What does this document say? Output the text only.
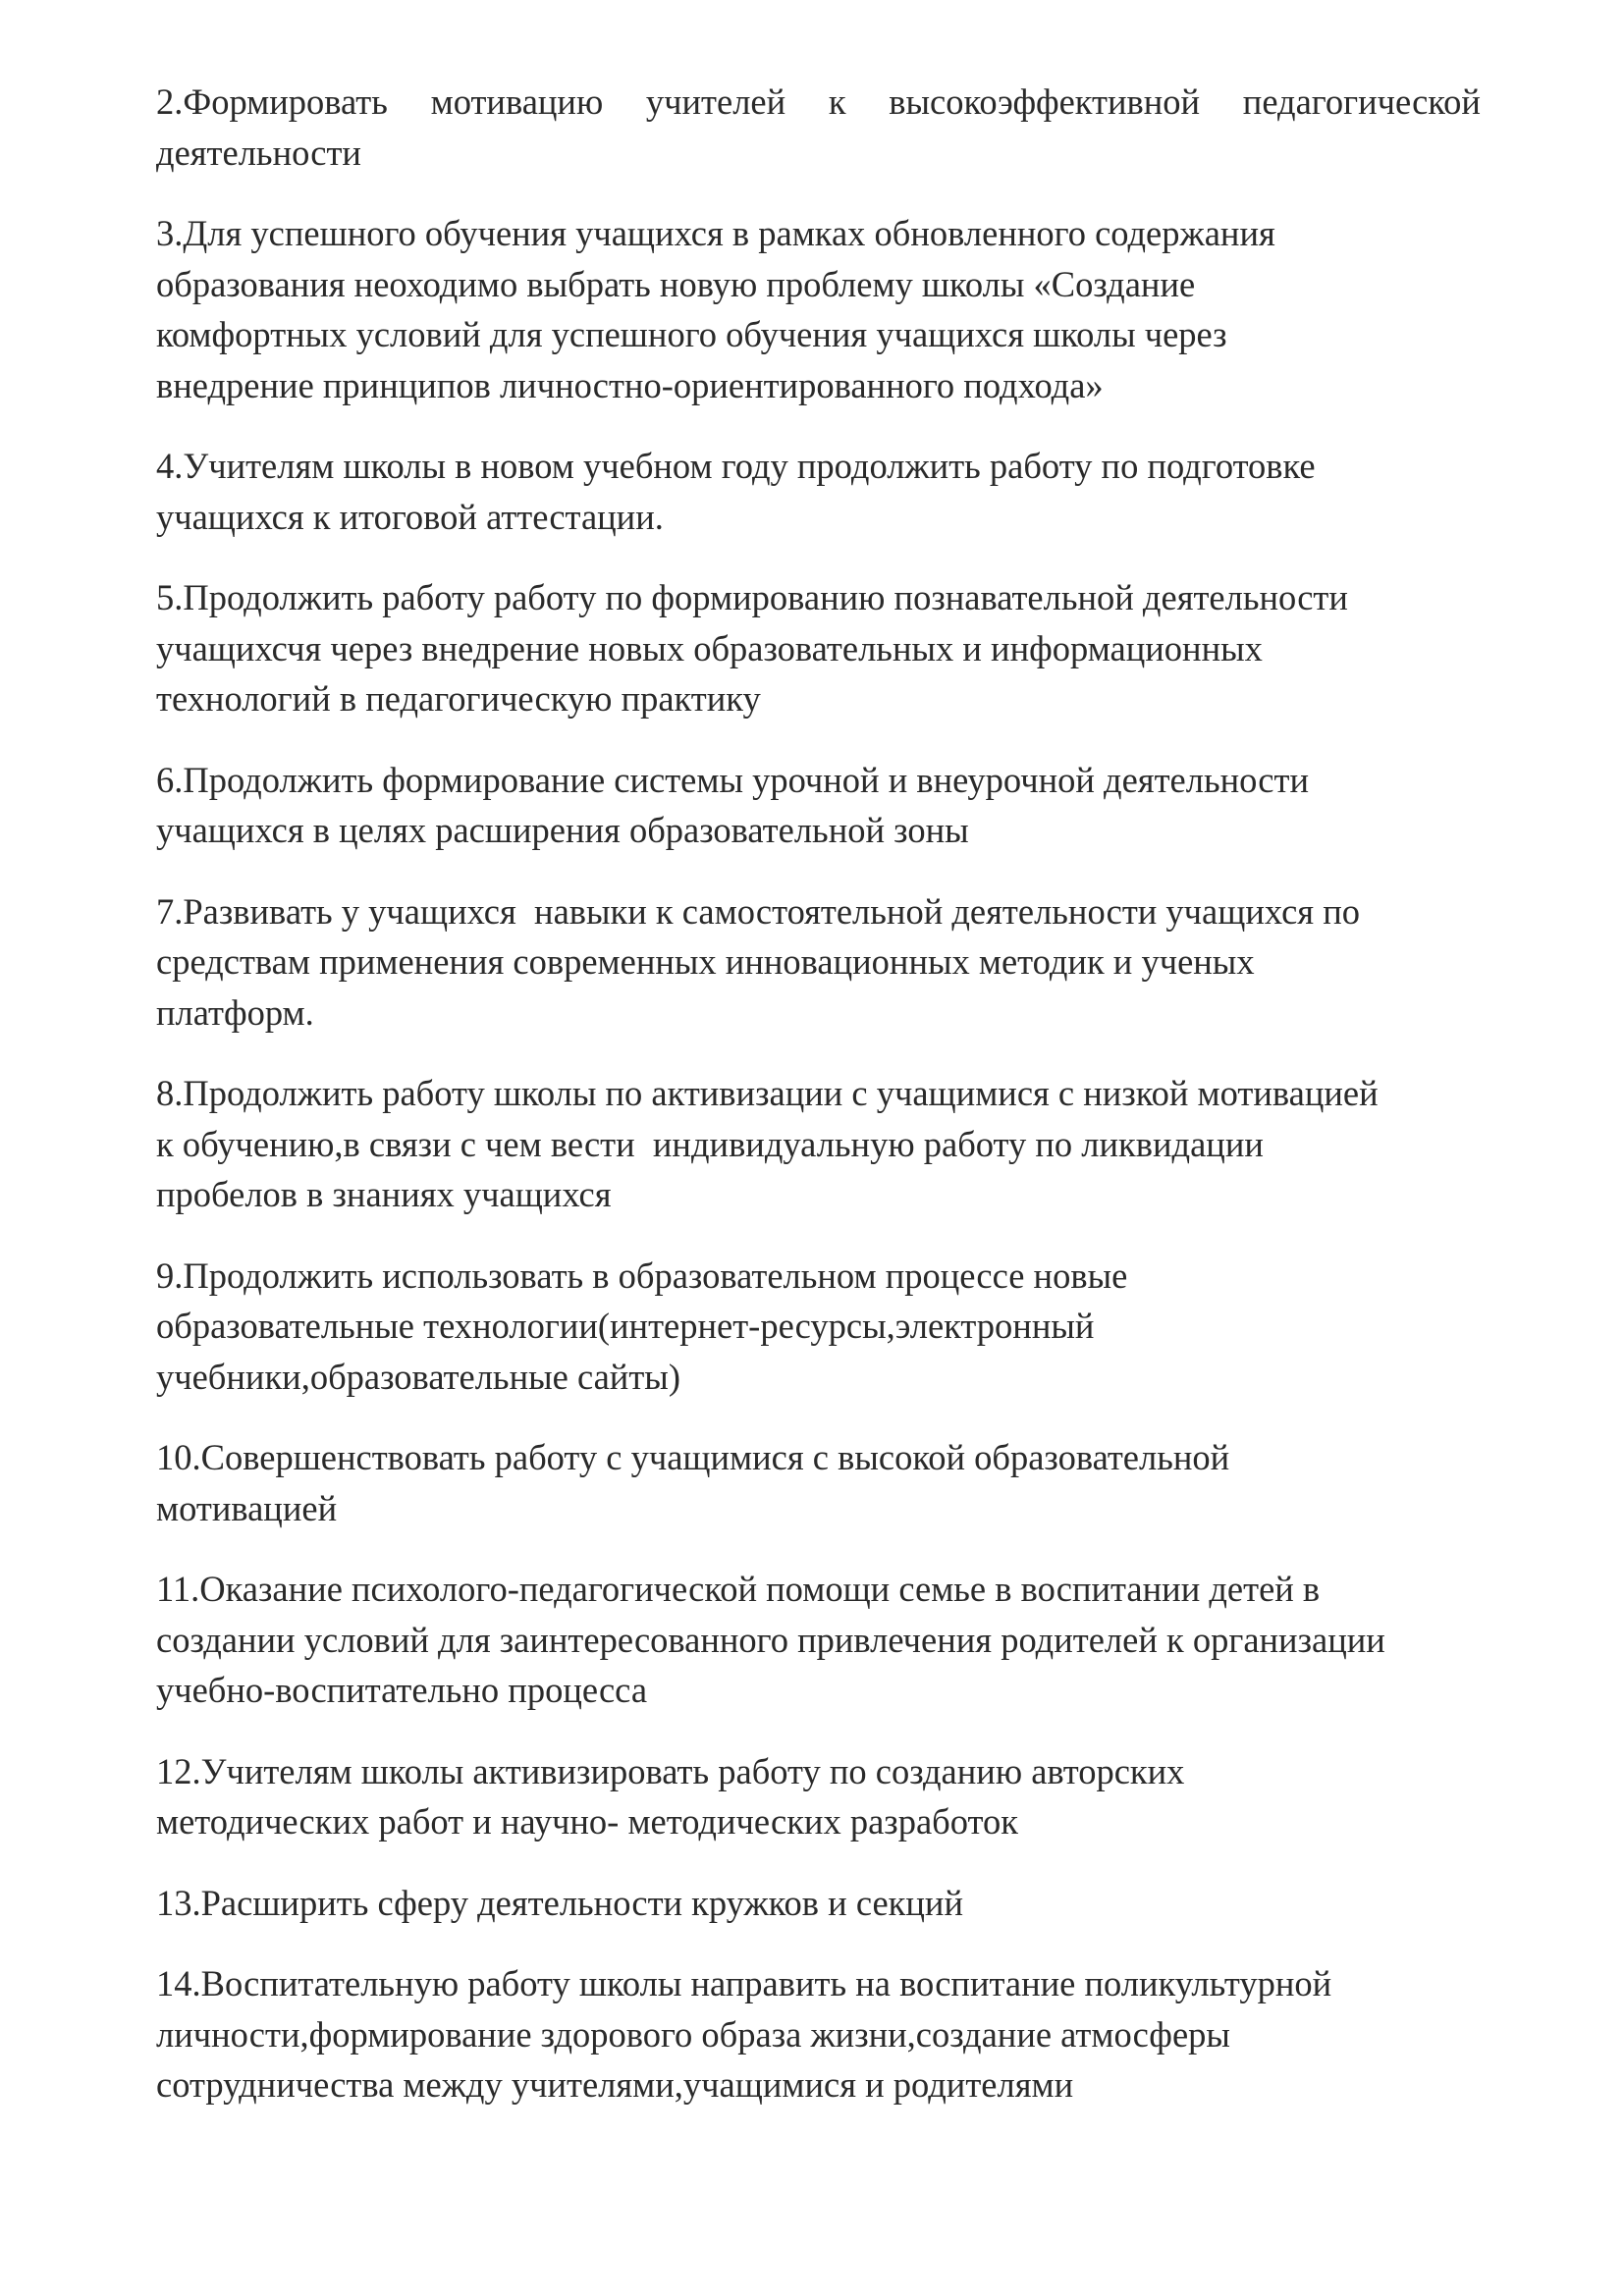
2.Формировать мотивацию учителей к высокоэффективной педагогической
деятельности
3.Для успешного обучения учащихся в рамках обновленного содержания
образования неоходимо выбрать новую проблему школы «Создание
комфортных условий для успешного обучения учащихся школы через
внедрение принципов личностно-ориентированного подхода»
4.Учителям школы в новом учебном году продолжить работу по подготовке
учащихся к итоговой аттестации.
5.Продолжить работу работу по формированию познавательной деятельности
учащихсчя через внедрение новых образовательных и информационных
технологий в педагогическую практику
6.Продолжить формирование системы урочной и внеурочной деятельности
учащихся в целях расширения образовательной зоны
7.Развивать у учащихся  навыки к самостоятельной деятельности учащихся по
средствам применения современных инновационных методик и ученых
платформ.
8.Продолжить работу школы по активизации с учащимися с низкой мотивацией
к обучению,в связи с чем вести  индивидуальную работу по ликвидации
пробелов в знаниях учащихся
9.Продолжить использовать в образовательном процессе новые
образовательные технологии(интернет-ресурсы,электронный
учебники,образовательные сайты)
10.Совершенствовать работу с учащимися с высокой образовательной
мотивацией
11.Оказание психолого-педагогической помощи семье в воспитании детей в
создании условий для заинтересованного привлечения родителей к организации
учебно-воспитательно процесса
12.Учителям школы активизировать работу по созданию авторских
методических работ и научно- методических разработок
13.Расширить сферу деятельности кружков и секций
14.Воспитательную работу школы направить на воспитание поликультурной
личности,формирование здорового образа жизни,создание атмосферы
сотрудничества между учителями,учащимися и родителями
